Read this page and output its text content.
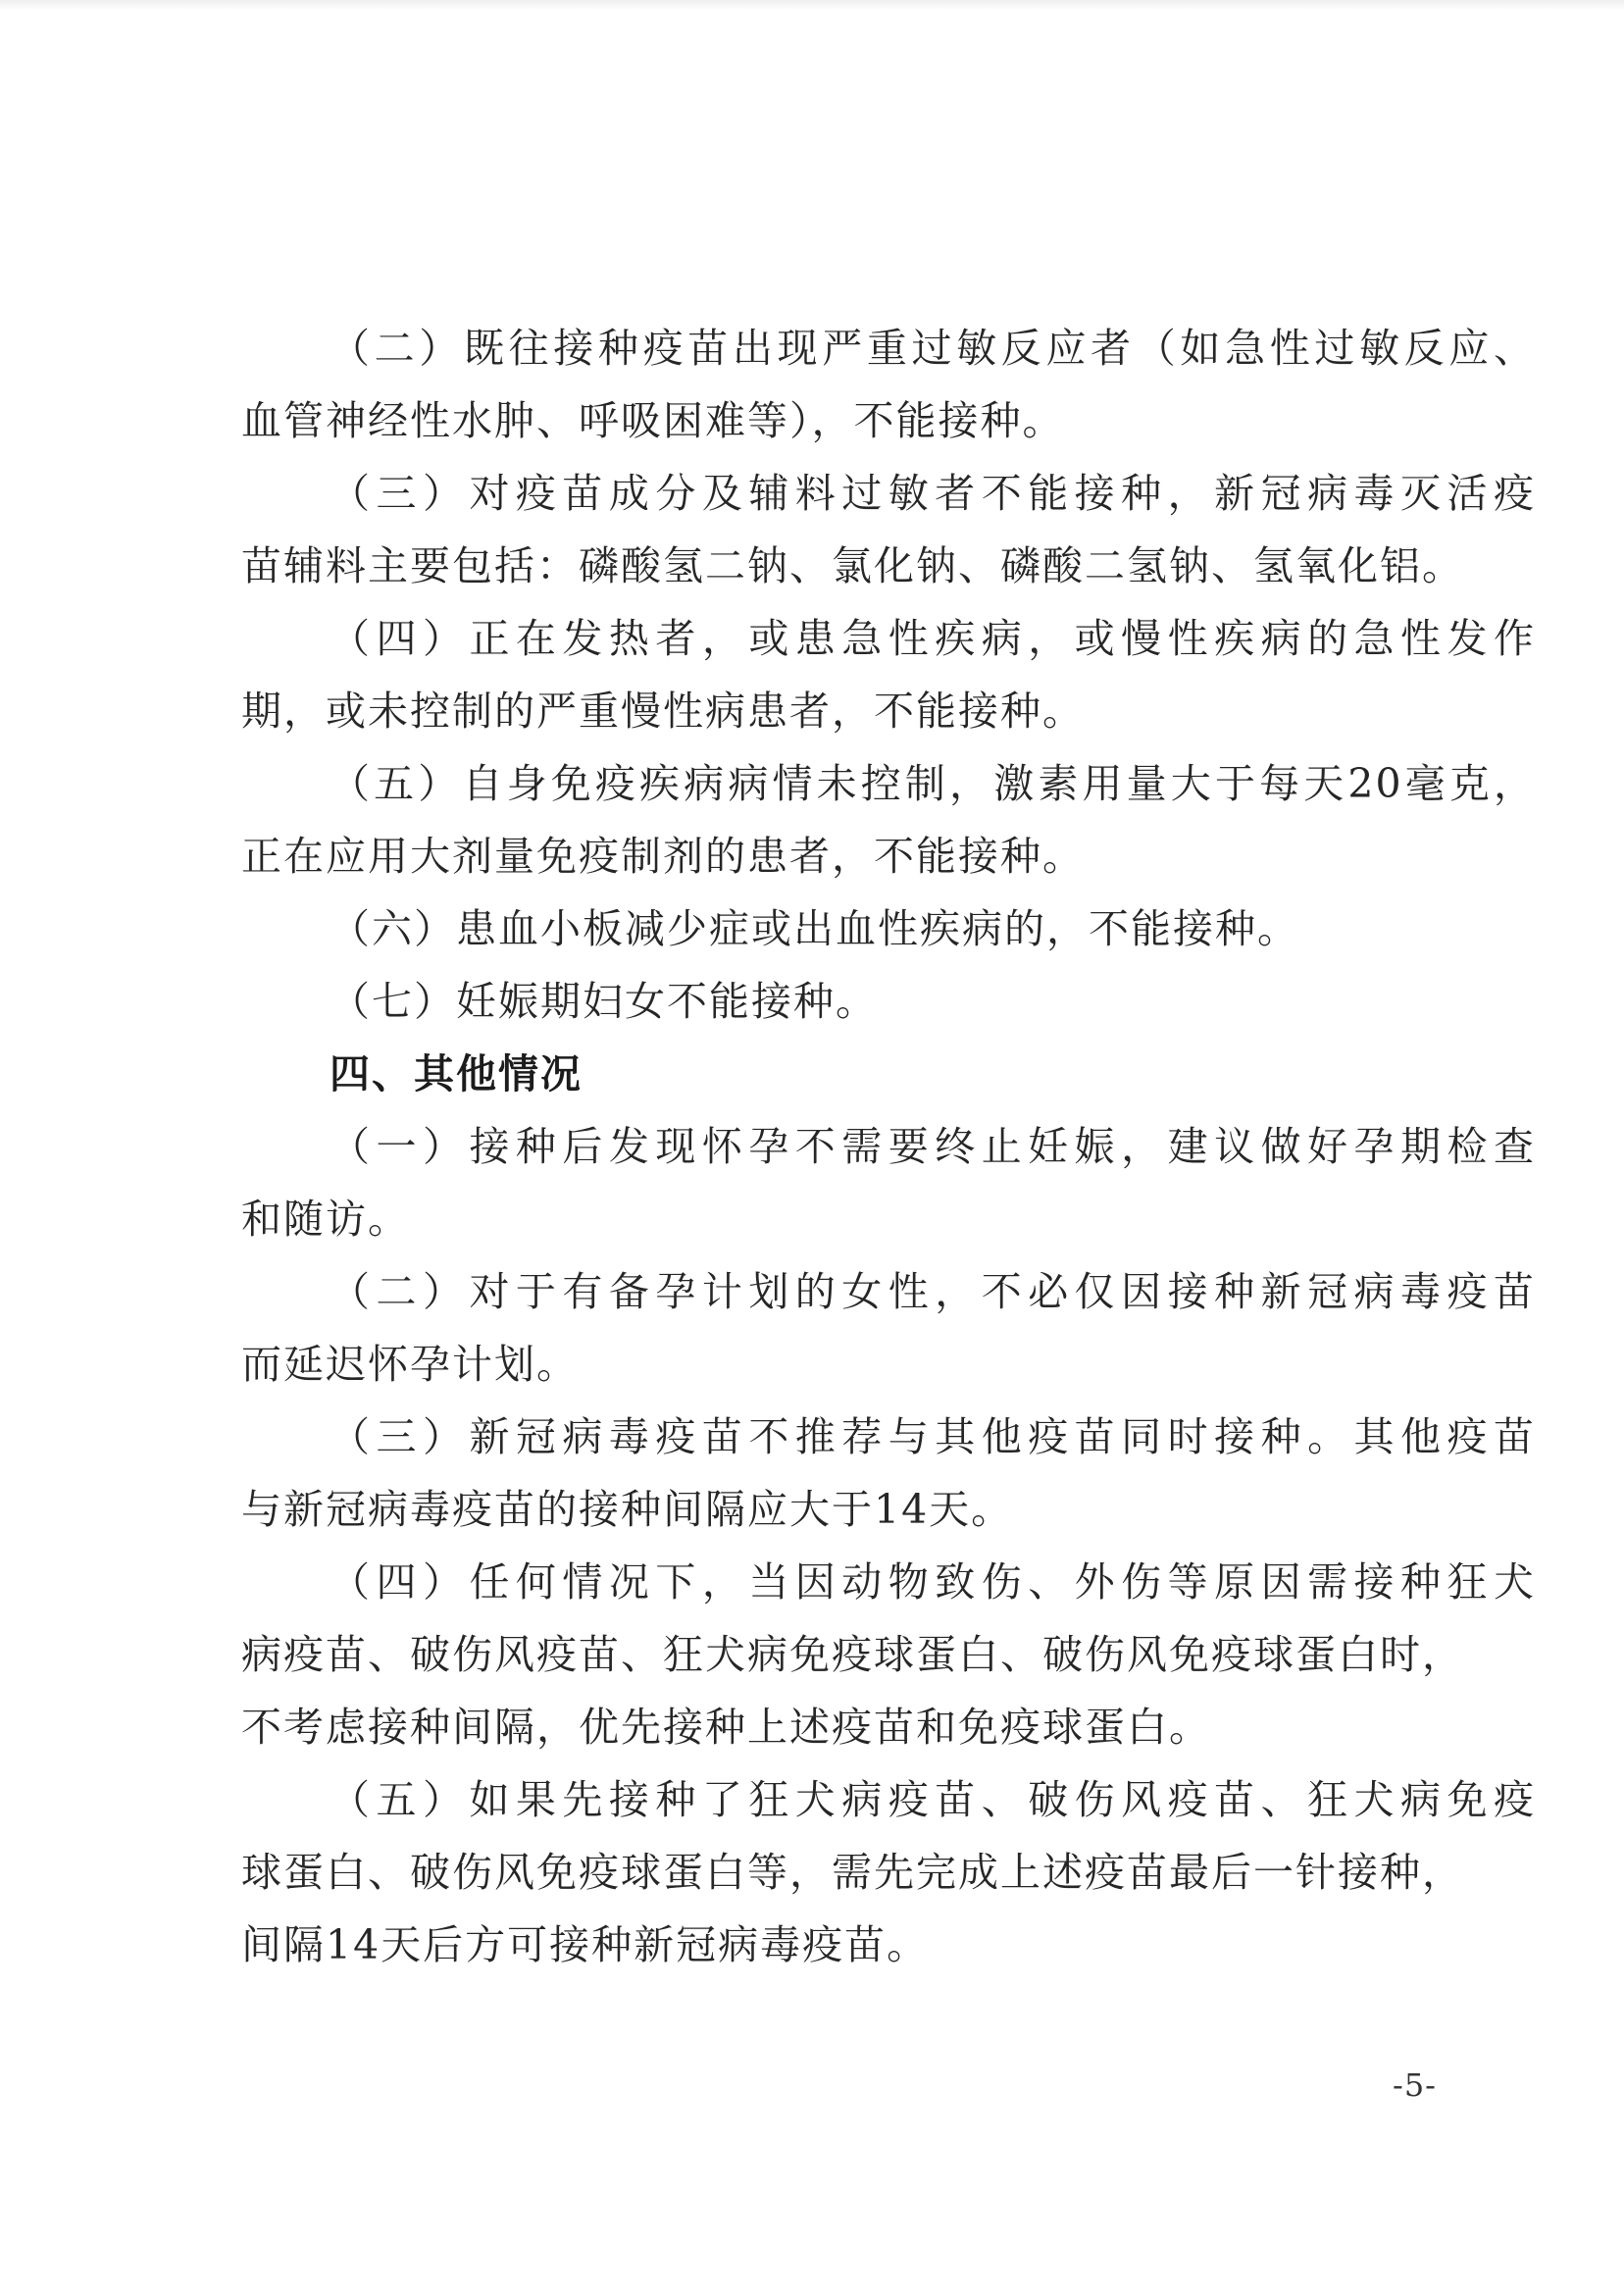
（二）既往接种疫苗出现严重过敏反应者（如急性过敏反应、
血管神经性水肿、呼吸困难等），不能接种。
（三）对疫苗成分及辅料过敏者不能接种，新冠病毒灭活疫
苗辅料主要包括：磷酸氢二钠、氯化钠、磷酸二氢钠、氢氧化铝。
（四）正在发热者，或患急性疾病，或慢性疾病的急性发作
期，或未控制的严重慢性病患者，不能接种。
（五）自身免疫疾病病情未控制，激素用量大于每天20毫克，
正在应用大剂量免疫制剂的患者，不能接种。
（六）患血小板减少症或出血性疾病的，不能接种。
（七）妊娠期妇女不能接种。
四、其他情况
（一）接种后发现怀孕不需要终止妊娠，建议做好孕期检查
和随访。
（二）对于有备孕计划的女性，不必仅因接种新冠病毒疫苗
而延迟怀孕计划。
（三）新冠病毒疫苗不推荐与其他疫苗同时接种。其他疫苗
与新冠病毒疫苗的接种间隔应大于14天。
（四）任何情况下，当因动物致伤、外伤等原因需接种狂犬
病疫苗、破伤风疫苗、狂犬病免疫球蛋白、破伤风免疫球蛋白时，
不考虑接种间隔，优先接种上述疫苗和免疫球蛋白。
（五）如果先接种了狂犬病疫苗、破伤风疫苗、狂犬病免疫
球蛋白、破伤风免疫球蛋白等，需先完成上述疫苗最后一针接种，
间隔14天后方可接种新冠病毒疫苗。
-5-
